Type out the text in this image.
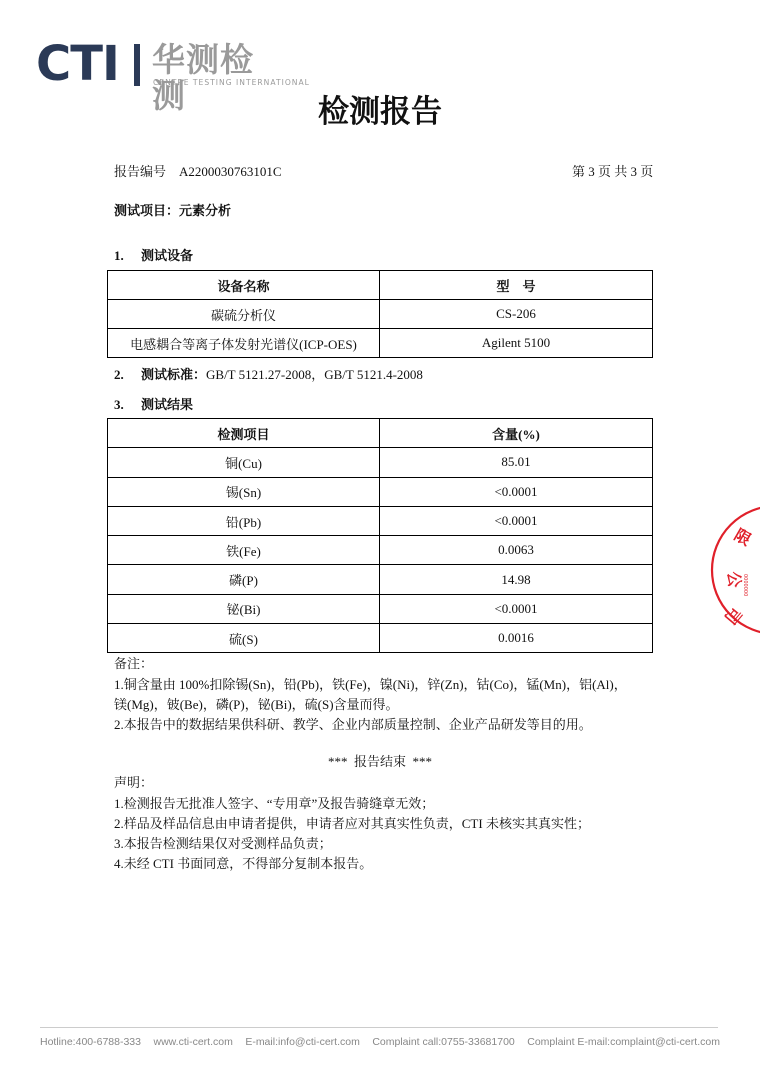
CTI 华测检测
CENTRE TESTING INTERNATIONAL
检测报告
报告编号 A2200030763101C	第 3 页 共 3 页
测试项目：元素分析
1. 测试设备
设备名称	型　号
碳硫分析仪	CS-206
电感耦合等离子体发射光谱仪(ICP-OES)	Agilent 5100
2. 测试标准：GB/T 5121.27-2008，GB/T 5121.4-2008
3. 测试结果
检测项目	含量(%)
铜(Cu)	85.01
锡(Sn)	<0.0001
铅(Pb)	<0.0001
铁(Fe)	0.0063
磷(P)	14.98
铋(Bi)	<0.0001
硫(S)	0.0016
备注：
1.铜含量由 100%扣除锡(Sn)，铅(Pb)，铁(Fe)，镍(Ni)，锌(Zn)，钴(Co)，锰(Mn)，铝(Al)，
镁(Mg)，铍(Be)，磷(P)，铋(Bi)，硫(S)含量而得。
2.本报告中的数据结果供科研、教学、企业内部质量控制、企业产品研发等目的用。
***  报告结束  ***
声明：
1.检测报告无批准人签字、“专用章”及报告骑缝章无效；
2.样品及样品信息由申请者提供，申请者应对其真实性负责，CTI 未核实其真实性；
3.本报告检测结果仅对受测样品负责；
4.未经 CTI 书面同意，不得部分复制本报告。
限
公
司
0000000
Hotline:400-6788-333 www.cti-cert.com E-mail:info@cti-cert.com Complaint call:0755-33681700 Complaint E-mail:complaint@cti-cert.com
